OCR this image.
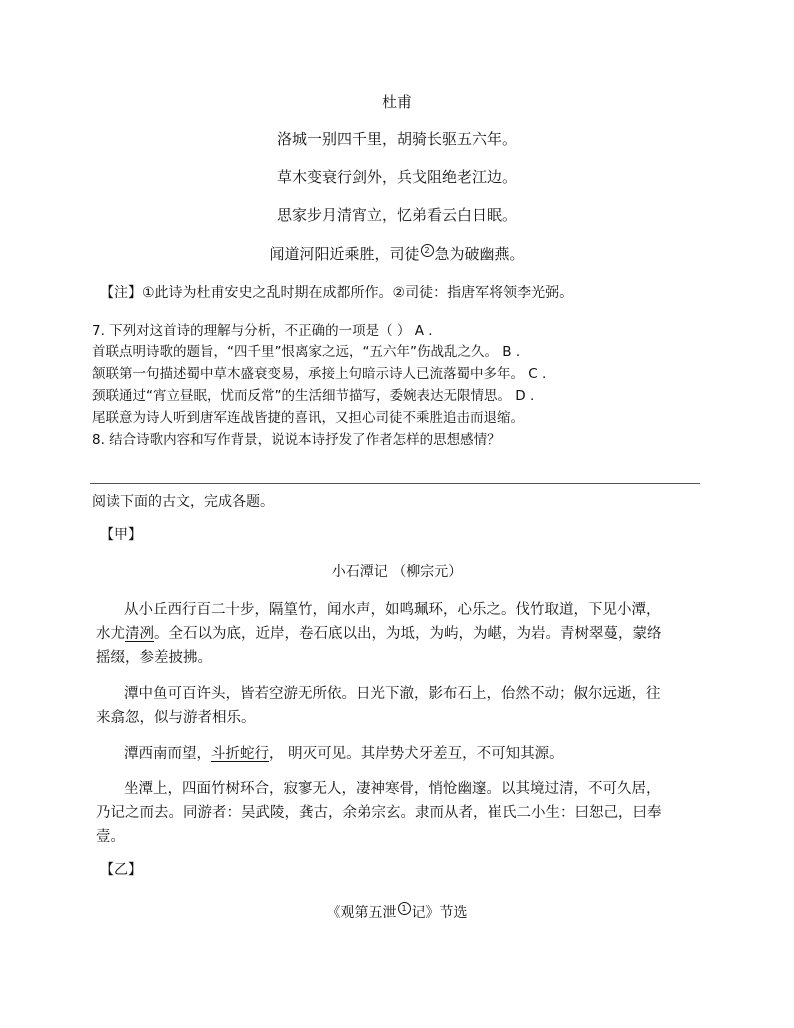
杜甫
洛城一别四千里，胡骑长驱五六年。
草木变衰行剑外，兵戈阻绝老江边。
思家步月清宵立，忆弟看云白日眠。
闻道河阳近乘胜，司徒 $^2$ 急为破幽燕。
【注】①此诗为杜甫安史之乱时期在成都所作。②司徒：指唐军将领李光弼。
7. 下列对这首诗的理解与分析，不正确的一项是（ ） A .
首联点明诗歌的题旨，“四千里”恨离家之远，“五六年”伤战乱之久。 B .
颔联第一句描述蜀中草木盛衰变易，承接上句暗示诗人已流落蜀中多年。 C .
颈联通过“宵立昼眠，忧而反常”的生活细节描写，委婉表达无限情思。 D .
尾联意为诗人听到唐军连战皆捷的喜讯，又担心司徒不乘胜追击而退缩。
8. 结合诗歌内容和写作背景，说说本诗抒发了作者怎样的思想感情？
阅读下面的古文，完成各题。
【甲】
小石潭记 （柳宗元）
从小丘西行百二十步，隔篁竹，闻水声，如鸣珮环，心乐之。伐竹取道，下见小潭，
水尤清冽。全石以为底，近岸，卷石底以出，为坻，为屿，为嵁，为岩。青树翠蔓，蒙络
摇缀，参差披拂。
潭中鱼可百许头，皆若空游无所依。日光下澈，影布石上，佁然不动；俶尔远逝，往
来翕忽，似与游者相乐。
潭西南而望，斗折蛇行， 明灭可见。其岸势犬牙差互，不可知其源。
坐潭上，四面竹树环合，寂寥无人，凄神寒骨，悄怆幽邃。以其境过清，不可久居，
乃记之而去。同游者：吴武陵，龚古，余弟宗玄。隶而从者，崔氏二小生：曰恕己，曰奉
壹。
【乙】
《观第五泄 $^1$ 记》节选
